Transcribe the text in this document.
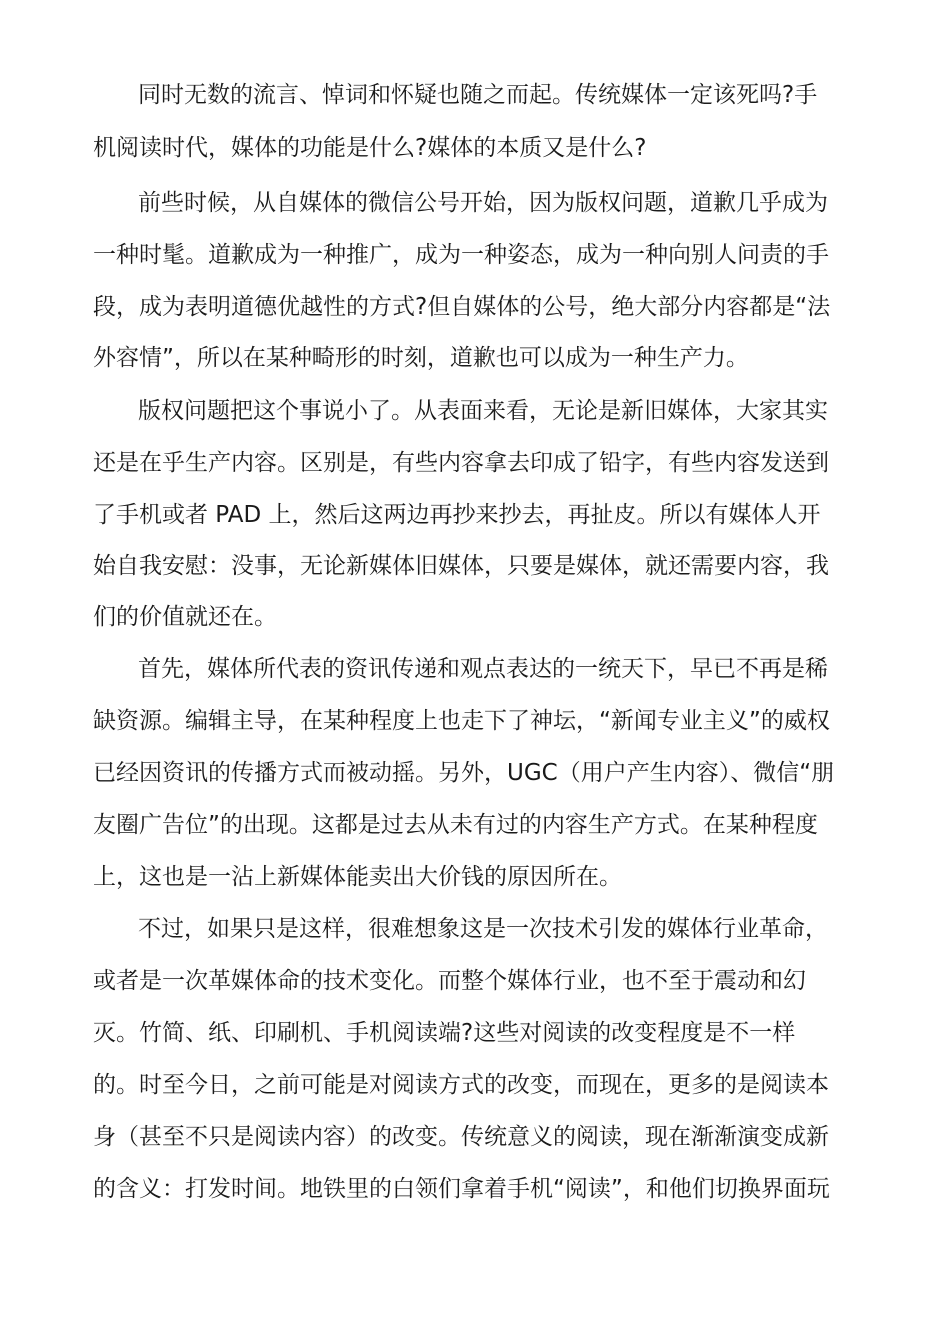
同时无数的流言、悼词和怀疑也随之而起。传统媒体一定该死吗?手
机阅读时代，媒体的功能是什么?媒体的本质又是什么?
前些时候，从自媒体的微信公号开始，因为版权问题，道歉几乎成为
一种时髦。道歉成为一种推广，成为一种姿态，成为一种向别人问责的手
段，成为表明道德优越性的方式?但自媒体的公号，绝大部分内容都是“法
外容情”，所以在某种畸形的时刻，道歉也可以成为一种生产力。
版权问题把这个事说小了。从表面来看，无论是新旧媒体，大家其实
还是在乎生产内容。区别是，有些内容拿去印成了铅字，有些内容发送到
了手机或者 PAD 上，然后这两边再抄来抄去，再扯皮。所以有媒体人开
始自我安慰：没事，无论新媒体旧媒体，只要是媒体，就还需要内容，我
们的价值就还在。
首先，媒体所代表的资讯传递和观点表达的一统天下，早已不再是稀
缺资源。编辑主导，在某种程度上也走下了神坛，“新闻专业主义”的威权
已经因资讯的传播方式而被动摇。另外，UGC（用户产生内容）、微信“朋
友圈广告位”的出现。这都是过去从未有过的内容生产方式。在某种程度
上，这也是一沾上新媒体能卖出大价钱的原因所在。
不过，如果只是这样，很难想象这是一次技术引发的媒体行业革命，
或者是一次革媒体命的技术变化。而整个媒体行业，也不至于震动和幻
灭。竹简、纸、印刷机、手机阅读端?这些对阅读的改变程度是不一样
的。时至今日，之前可能是对阅读方式的改变，而现在，更多的是阅读本
身（甚至不只是阅读内容）的改变。传统意义的阅读，现在渐渐演变成新
的含义：打发时间。地铁里的白领们拿着手机“阅读”，和他们切换界面玩
